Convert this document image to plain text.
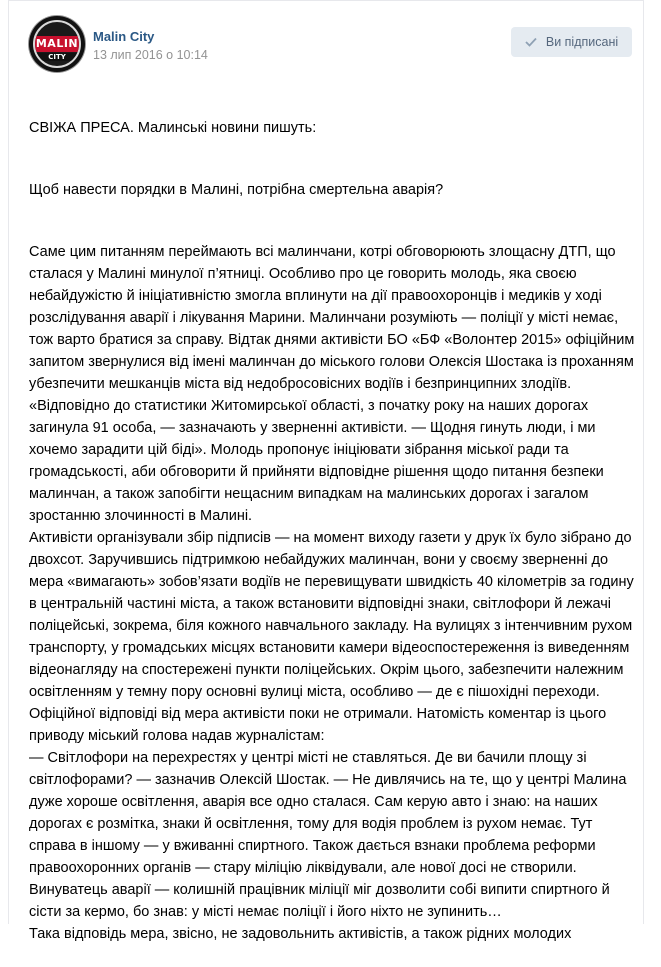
MALIN
CITY
Malin City
13 лип 2016 о 10:14
Ви підписані

СВІЖА ПРЕСА. Малинські новини пишуть:

Щоб навести порядки в Малині, потрібна смертельна аварія?

Саме цим питанням переймають всі малинчани, котрі обговорюють злощасну ДТП, що сталася у Малині минулої п’ятниці. Особливо про це говорить молодь, яка своєю небайдужістю й ініціативністю змогла вплинути на дії правоохоронців і медиків у ході розслідування аварії і лікування Марини. Малинчани розуміють — поліції у місті немає, тож варто братися за справу. Відтак днями активісти БО «БФ «Волонтер 2015» офіційним запитом звернулися від імені малинчан до міського голови Олексія Шостака із проханням убезпечити мешканців міста від недобросовісних водіїв і безпринципних злодіїв.
«Відповідно до статистики Житомирської області, з початку року на наших дорогах загинула 91 особа, — зазначають у зверненні активісти. — Щодня гинуть люди, і ми хочемо зарадити цій біді». Молодь пропонує ініціювати зібрання міської ради та громадськості, аби обговорити й прийняти відповідне рішення щодо питання безпеки малинчан, а також запобігти нещасним випадкам на малинських дорогах і загалом зростанню злочинності в Малині.
Активісти організували збір підписів — на момент виходу газети у друк їх було зібрано до двохсот. Заручившись підтримкою небайдужих малинчан, вони у своєму зверненні до мера «вимагають» зобов’язати водіїв не перевищувати швидкість 40 кілометрів за годину в центральній частині міста, а також встановити відповідні знаки, світлофори й лежачі поліцейські, зокрема, біля кожного навчального закладу. На вулицях з інтенчивним рухом транспорту, у громадських місцях встановити камери відеоспостереження із виведенням відеонагляду на спостережені пункти поліцейських. Окрім цього, забезпечити належним освітленням у темну пору основні вулиці міста, особливо — де є пішохідні переходи.
Офіційної відповіді від мера активісти поки не отримали. Натомість коментар із цього приводу міський голова надав журналістам:
— Світлофори на перехрестях у центрі місті не ставляться. Де ви бачили площу зі світлофорами? — зазначив Олексій Шостак. — Не дивлячись на те, що у центрі Малина дуже хороше освітлення, аварія все одно сталася. Сам керую авто і знаю: на наших дорогах є розмітка, знаки й освітлення, тому для водія проблем із рухом немає. Тут справа в іншому — у вживанні спиртного. Також дається взнаки проблема реформи правоохоронних органів — стару міліцію ліквідували, але нової досі не створили. Винуватець аварії — колишній працівник міліції міг дозволити собі випити спиртного й сісти за кермо, бо знав: у місті немає поліції і його ніхто не зупинить…
Така відповідь мера, звісно, не задовольнить активістів, а також рідних молодих
